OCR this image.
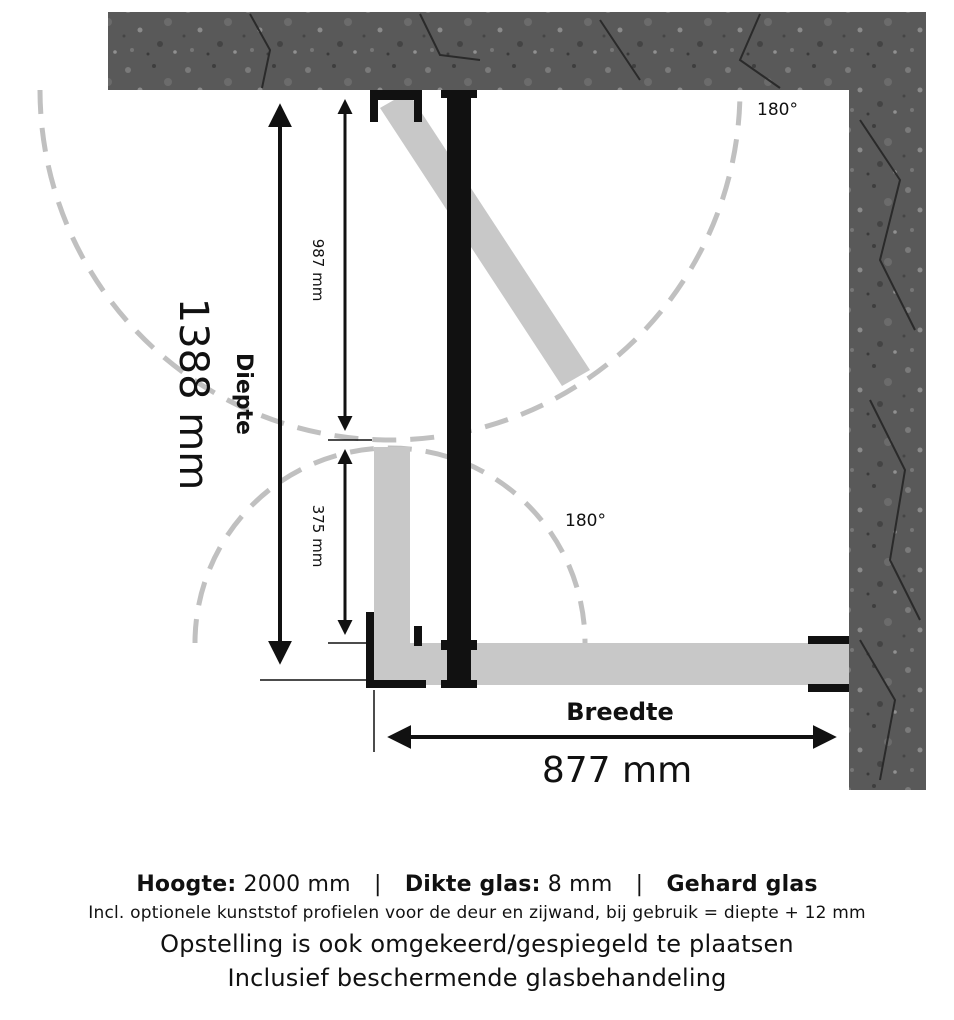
180°
180°
1388 mm Diepte
987 mm
375 mm
Breedte
877 mm
Hoogte: 2000 mm | Dikte glas: 8 mm | Gehard glas
Incl. optionele kunststof profielen voor de deur en zijwand, bij gebruik = diepte + 12 mm
Opstelling is ook omgekeerd/gespiegeld te plaatsen
Inclusief beschermende glasbehandeling
